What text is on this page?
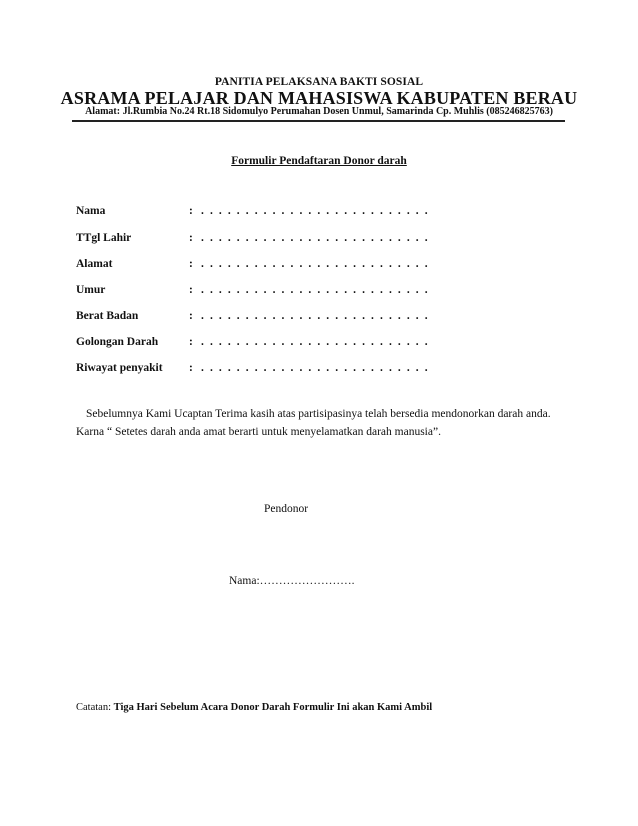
PANITIA PELAKSANA BAKTI SOSIAL
ASRAMA PELAJAR DAN MAHASISWA KABUPATEN BERAU
Alamat: Jl.Rumbia No.24 Rt.18 Sidomulyo Perumahan Dosen Unmul, Samarinda Cp. Muhlis (085246825763)
Formulir Pendaftaran Donor darah
Nama	: . . . . . . . . . . . . . . . . . . . . . . . . . .
TTgl Lahir	: . . . . . . . . . . . . . . . . . . . . . . . . . .
Alamat	: . . . . . . . . . . . . . . . . . . . . . . . . . .
Umur	: . . . . . . . . . . . . . . . . . . . . . . . . . .
Berat Badan	: . . . . . . . . . . . . . . . . . . . . . . . . . .
Golongan Darah	: . . . . . . . . . . . . . . . . . . . . . . . . . .
Riwayat penyakit : . . . . . . . . . . . . . . . . . . . . . . . . . .
Sebelumnya Kami Ucaptan Terima kasih atas partisipasinya telah bersedia mendonorkan darah anda.
Karna “ Setetes darah anda amat berarti untuk menyelamatkan darah manusia”.
Pendonor
Nama:…………………….
Catatan: Tiga Hari Sebelum Acara Donor Darah Formulir Ini akan Kami Ambil
